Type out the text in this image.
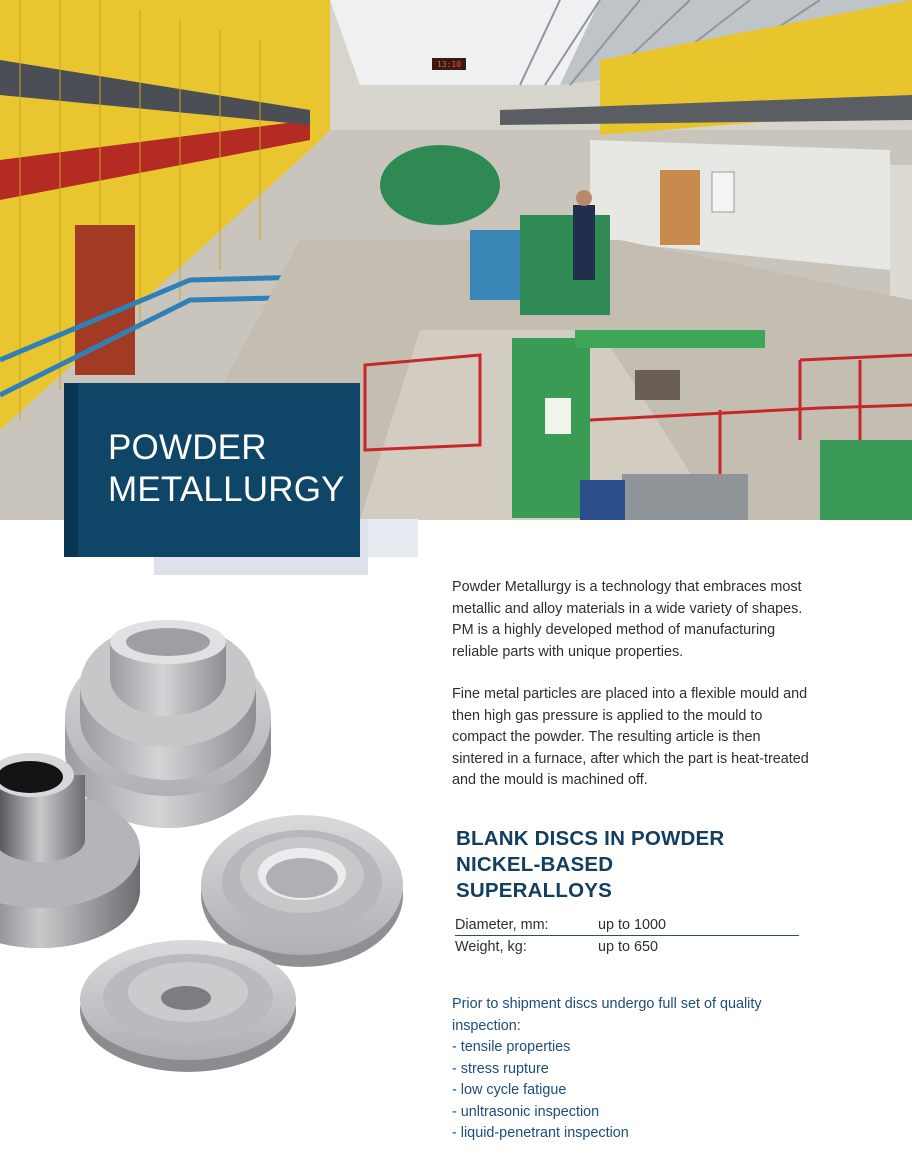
13:10
POWDER
METALLURGY

Powder Metallurgy is a technology that embraces most metallic and alloy materials in a wide variety of shapes. PM is a highly developed method of manufacturing reliable parts with unique properties.

Fine metal particles are placed into a flexible mould and then high gas pressure is applied to the mould to compact the powder. The resulting article is then sintered in a furnace, after which the part is heat-treated and the mould is machined off.

BLANK DISCS IN POWDER
NICKEL-BASED
SUPERALLOYS
Diameter, mm:	up to 1000
Weight, kg:	up to 650

Prior to shipment discs undergo full set of quality inspection:

- tensile properties
- stress rupture
- low cycle fatigue
- unltrasonic inspection
- liquid-penetrant inspection
